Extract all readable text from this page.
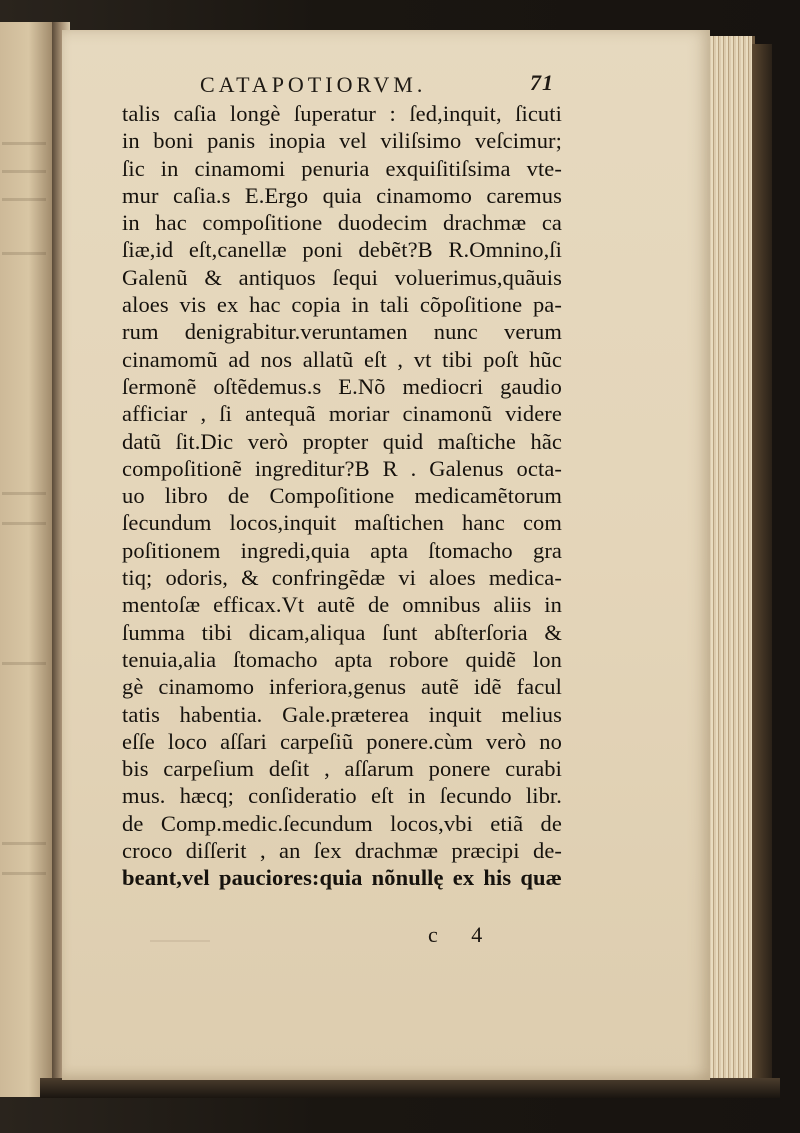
CATAPOTIORVM.	71
talis caſia longè ſuperatur : ſed,inquit, ſicuti
in boni panis inopia vel viliſsimo veſcimur;
ſic in cinamomi penuria exquiſitiſsima vte-
mur caſia.s E.Ergo quia cinamomo caremus
in hac compoſitione duodecim drachmæ ca
ſiæ,id eſt,canellæ poni debẽt?B R.Omnino,ſi
Galenũ & antiquos ſequi voluerimus,quãuis
aloes vis ex hac copia in tali cõpoſitione pa-
rum denigrabitur.veruntamen nunc verum
cinamomũ ad nos allatũ eſt , vt tibi poſt hũc
ſermonẽ oſtẽdemus.s E.Nõ mediocri gaudio
afficiar , ſi antequã moriar cinamonũ videre
datũ ſit.Dic verò propter quid maſtiche hãc
compoſitionẽ ingreditur?B R . Galenus octa-
uo libro de Compoſitione medicamẽtorum
ſecundum locos,inquit maſtichen hanc com
poſitionem ingredi,quia apta ſtomacho gra
tiq; odoris, & confringẽdæ vi aloes medica-
mentoſæ efficax.Vt autẽ de omnibus aliis in
ſumma tibi dicam,aliqua ſunt abſterſoria &
tenuia,alia ſtomacho apta robore quidẽ lon
gè cinamomo inferiora,genus autẽ idẽ facul
tatis habentia. Gale.præterea inquit melius
eſſe loco aſſari carpeſiũ ponere.cùm verò no
bis carpeſium deſit , aſſarum ponere curabi
mus. hæcq; conſideratio eſt in ſecundo libr.
de Comp.medic.ſecundum locos,vbi etiã de
croco diſſerit , an ſex drachmæ præcipi de-
beant,vel pauciores:quia nõnullę ex his quæ
c 4
